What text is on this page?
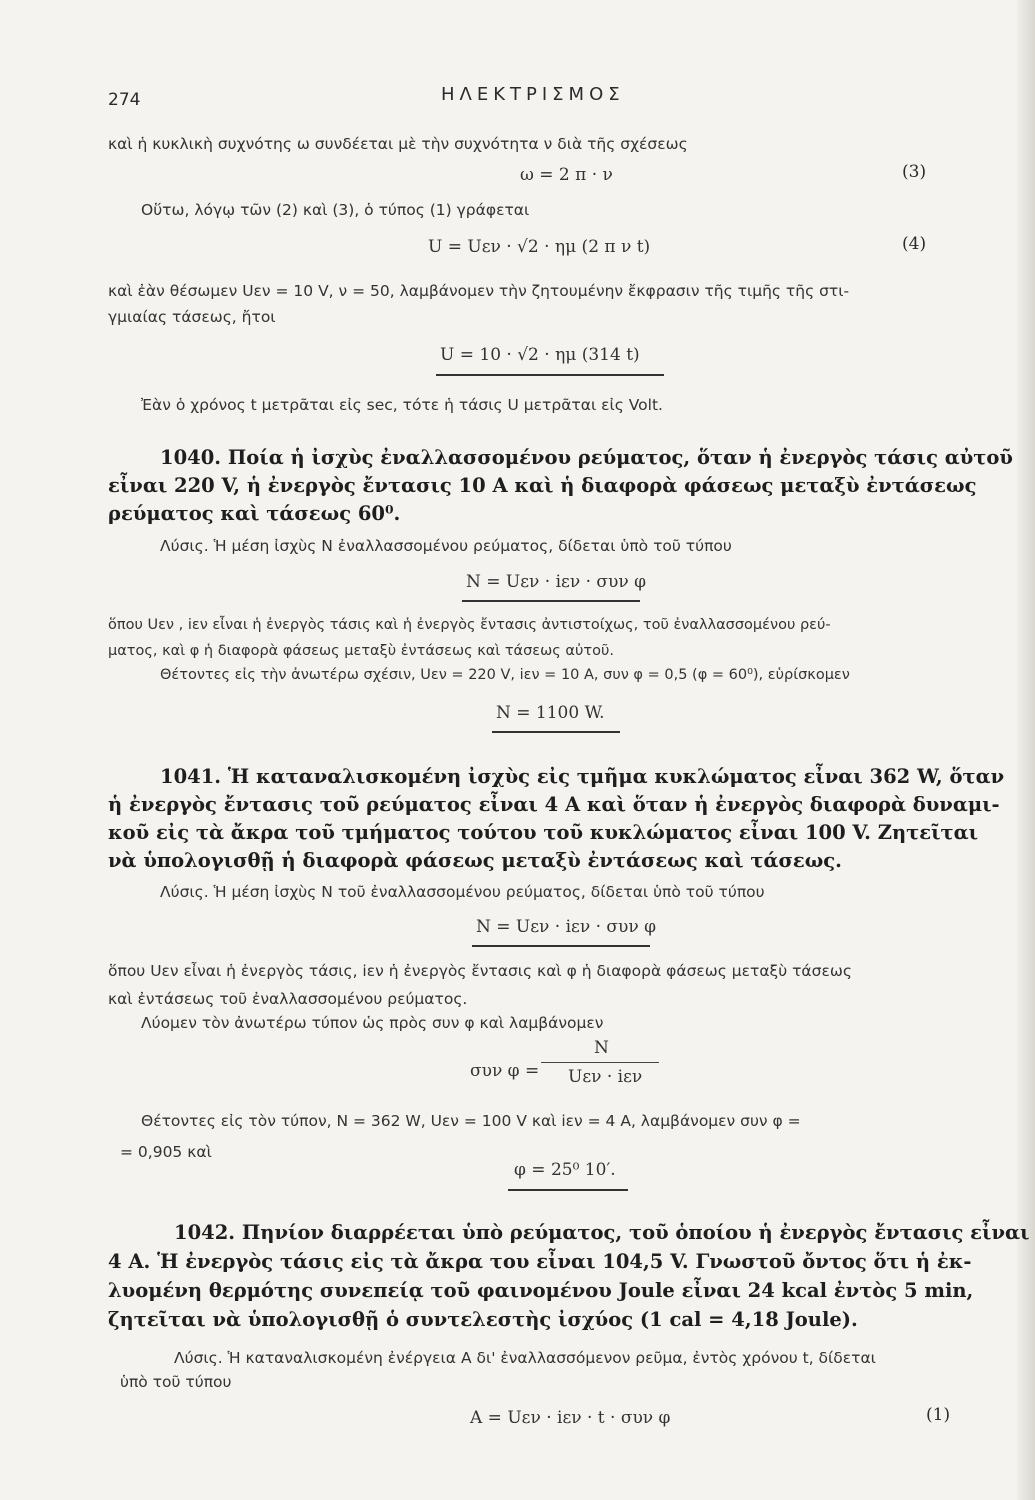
274	ΗΛΕΚΤΡΙΣΜΟΣ
καὶ ἡ κυκλικὴ συχνότης ω συνδέεται μὲ τὴν συχνότητα ν διὰ τῆς σχέσεως
ω = 2 π · ν	(3)
Οὕτω, λόγῳ τῶν (2) καὶ (3), ὁ τύπος (1) γράφεται
U = Uεν · √2 · ημ (2 π ν t)	(4)
καὶ ἐὰν θέσωμεν Uεν = 10 V, ν = 50, λαμβάνομεν τὴν ζητουμένην ἔκφρασιν τῆς τιμῆς τῆς στι-
γμιαίας τάσεως, ἤτοι
U = 10 · √2 · ημ (314 t)
Ἐὰν ὁ χρόνος t μετρᾶται εἰς sec, τότε ἡ τάσις U μετρᾶται εἰς Volt.
1040. Ποία ἡ ἰσχὺς ἐναλλασσομένου ρεύματος, ὅταν ἡ ἐνεργὸς τάσις αὐτοῦ
εἶναι 220 V, ἡ ἐνεργὸς ἔντασις 10 Α καὶ ἡ διαφορὰ φάσεως μεταξὺ ἐντάσεως
ρεύματος καὶ τάσεως 60⁰.
Λύσις. Ἡ μέση ἰσχὺς Ν ἐναλλασσομένου ρεύματος, δίδεται ὑπὸ τοῦ τύπου
N = Uεν · iεν · συν φ
ὅπου Uεν , iεν εἶναι ἡ ἐνεργὸς τάσις καὶ ἡ ἐνεργὸς ἔντασις ἀντιστοίχως, τοῦ ἐναλλασσομένου ρεύ-
ματος, καὶ φ ἡ διαφορὰ φάσεως μεταξὺ ἐντάσεως καὶ τάσεως αὐτοῦ.
Θέτοντες εἰς τὴν ἀνωτέρω σχέσιν, Uεν = 220 V, iεν = 10 A, συν φ = 0,5 (φ = 60⁰), εὑρίσκομεν
N = 1100 W.
1041. Ἡ καταναλισκομένη ἰσχὺς εἰς τμῆμα κυκλώματος εἶναι 362 W, ὅταν
ἡ ἐνεργὸς ἔντασις τοῦ ρεύματος εἶναι 4 Α καὶ ὅταν ἡ ἐνεργὸς διαφορὰ δυναμι-
κοῦ εἰς τὰ ἄκρα τοῦ τμήματος τούτου τοῦ κυκλώματος εἶναι 100 V. Ζητεῖται
νὰ ὑπολογισθῇ ἡ διαφορὰ φάσεως μεταξὺ ἐντάσεως καὶ τάσεως.
Λύσις. Ἡ μέση ἰσχὺς Ν τοῦ ἐναλλασσομένου ρεύματος, δίδεται ὑπὸ τοῦ τύπου
N = Uεν · iεν · συν φ
ὅπου Uεν εἶναι ἡ ἐνεργὸς τάσις, iεν ἡ ἐνεργὸς ἔντασις καὶ φ ἡ διαφορὰ φάσεως μεταξὺ τάσεως
καὶ ἐντάσεως τοῦ ἐναλλασσομένου ρεύματος.
Λύομεν τὸν ἀνωτέρω τύπον ὡς πρὸς συν φ καὶ λαμβάνομεν
συν φ =
N
Uεν · iεν
Θέτοντες εἰς τὸν τύπον, Ν = 362 W, Uεν = 100 V καὶ iεν = 4 A, λαμβάνομεν συν φ =
= 0,905 καὶ
φ = 25⁰ 10′.
1042. Πηνίον διαρρέεται ὑπὸ ρεύματος, τοῦ ὁποίου ἡ ἐνεργὸς ἔντασις εἶναι
4 Α. Ἡ ἐνεργὸς τάσις εἰς τὰ ἄκρα του εἶναι 104,5 V. Γνωστοῦ ὄντος ὅτι ἡ ἐκ-
λυομένη θερμότης συνεπείᾳ τοῦ φαινομένου Joule εἶναι 24 kcal ἐντὸς 5 min,
ζητεῖται νὰ ὑπολογισθῇ ὁ συντελεστὴς ἰσχύος (1 cal = 4,18 Joule).
Λύσις. Ἡ καταναλισκομένη ἐνέργεια Α δι' ἐναλλασσόμενον ρεῦμα, ἐντὸς χρόνου t, δίδεται
ὑπὸ τοῦ τύπου
A = Uεν · iεν · t · συν φ	(1)
